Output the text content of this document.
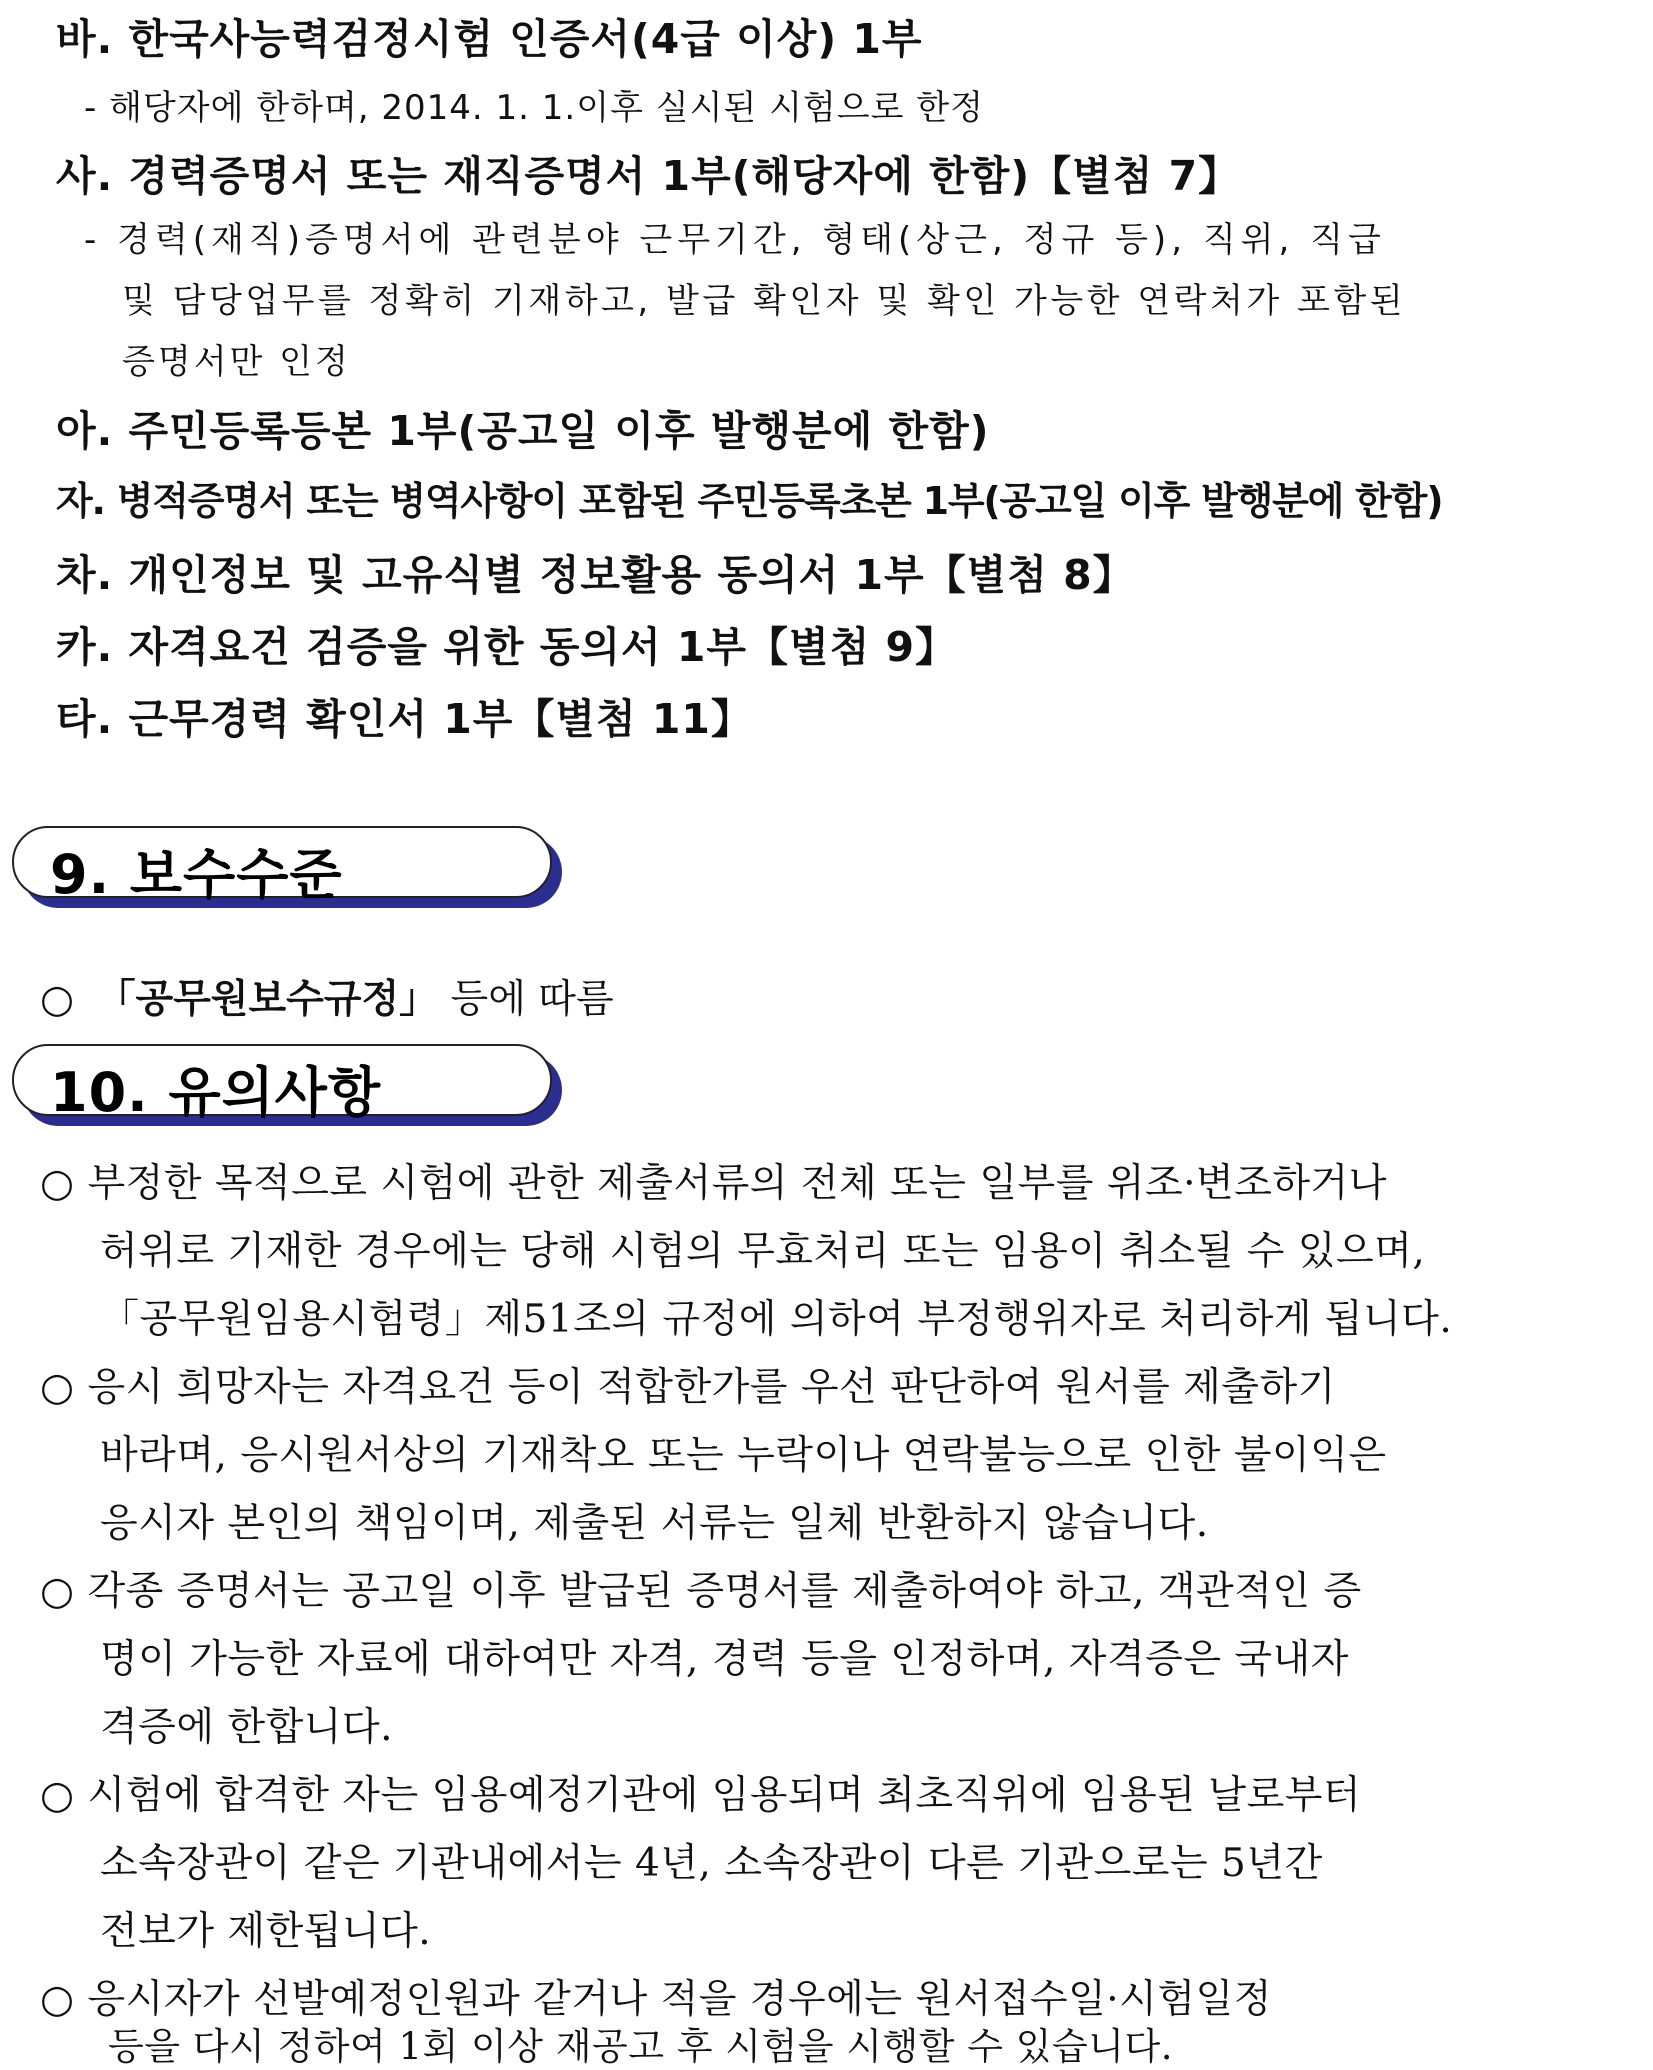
바. 한국사능력검정시험 인증서(4급 이상) 1부
- 해당자에 한하며, 2014. 1. 1.이후 실시된 시험으로 한정
사. 경력증명서 또는 재직증명서 1부(해당자에 한함)【별첨 7】
- 경력(재직)증명서에 관련분야 근무기간, 형태(상근, 정규 등), 직위, 직급
및 담당업무를 정확히 기재하고, 발급 확인자 및 확인 가능한 연락처가 포함된
증명서만 인정
아. 주민등록등본 1부(공고일 이후 발행분에 한함)
자. 병적증명서 또는 병역사항이 포함된 주민등록초본 1부(공고일 이후 발행분에 한함)
차. 개인정보 및 고유식별 정보활용 동의서 1부【별첨 8】
카. 자격요건 검증을 위한 동의서 1부【별첨 9】
타. 근무경력 확인서 1부【별첨 11】
9. 보수수준
○ 「공무원보수규정」 등에 따름
10. 유의사항
○ 부정한 목적으로 시험에 관한 제출서류의 전체 또는 일부를 위조·변조하거나
허위로 기재한 경우에는 당해 시험의 무효처리 또는 임용이 취소될 수 있으며,
「공무원임용시험령」제51조의 규정에 의하여 부정행위자로 처리하게 됩니다.
○ 응시 희망자는 자격요건 등이 적합한가를 우선 판단하여 원서를 제출하기
바라며, 응시원서상의 기재착오 또는 누락이나 연락불능으로 인한 불이익은
응시자 본인의 책임이며, 제출된 서류는 일체 반환하지 않습니다.
○ 각종 증명서는 공고일 이후 발급된 증명서를 제출하여야 하고, 객관적인 증
명이 가능한 자료에 대하여만 자격, 경력 등을 인정하며, 자격증은 국내자
격증에 한합니다.
○ 시험에 합격한 자는 임용예정기관에 임용되며 최초직위에 임용된 날로부터
소속장관이 같은 기관내에서는 4년, 소속장관이 다른 기관으로는 5년간
전보가 제한됩니다.
○ 응시자가 선발예정인원과 같거나 적을 경우에는 원서접수일·시험일정
등을 다시 정하여 1회 이상 재공고 후 시험을 시행할 수 있습니다.
